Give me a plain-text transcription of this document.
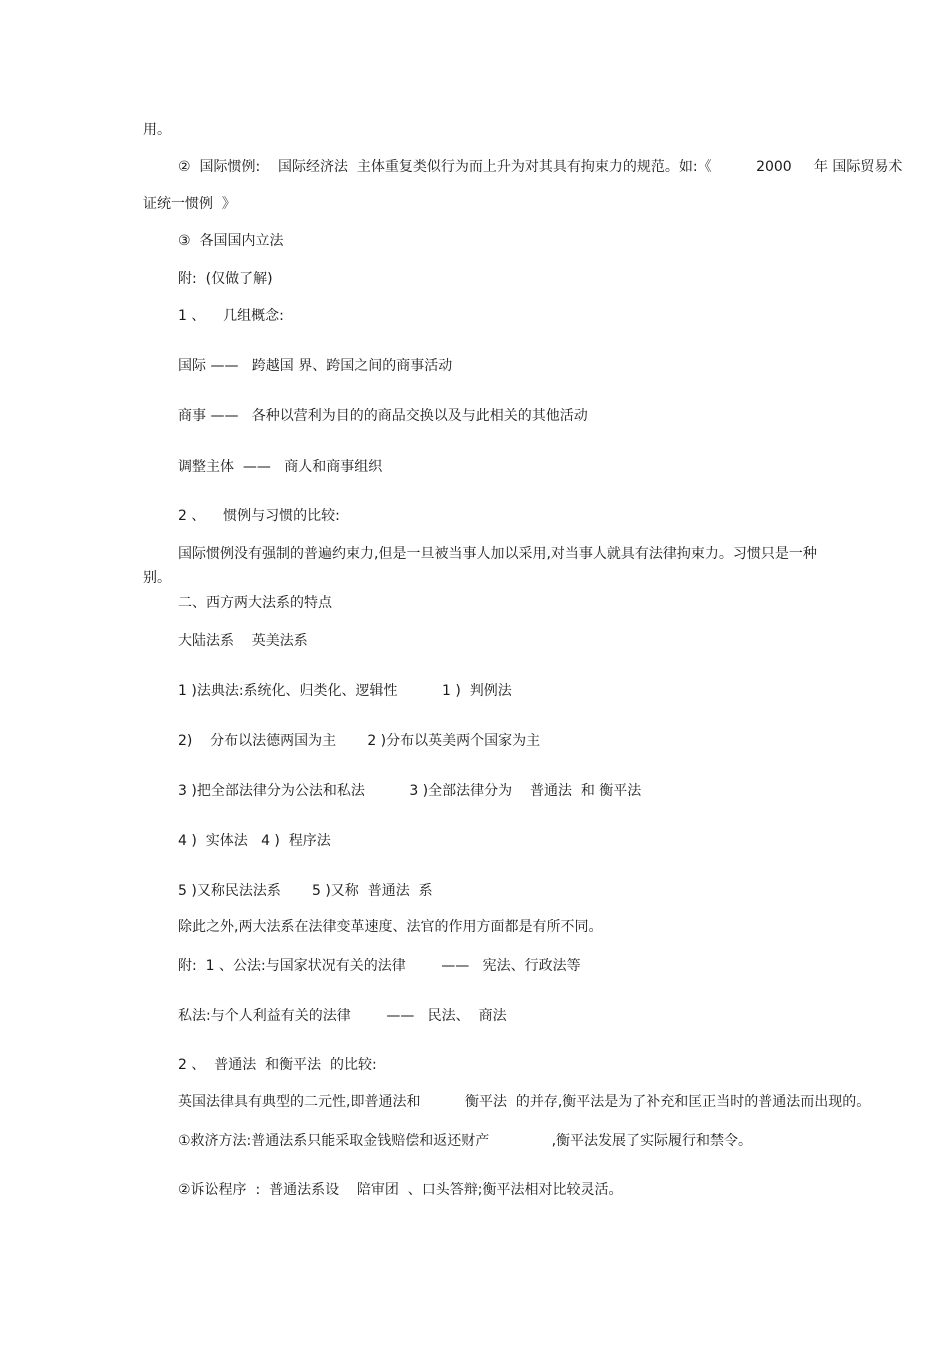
用。

②  国际惯例:    国际经济法  主体重复类似行为而上升为对其具有拘束力的规范。如:《          2000     年 国际贸易术

证统一惯例  》

③  各国国内立法

附:  (仅做了解)

1 、    几组概念:

国际 ——   跨越国 界、跨国之间的商事活动

商事 ——   各种以营利为目的的商品交换以及与此相关的其他活动

调整主体  ——   商人和商事组织

2 、    惯例与习惯的比较:

国际惯例没有强制的普遍约束力,但是一旦被当事人加以采用,对当事人就具有法律拘束力。习惯只是一种

别。

二、西方两大法系的特点

大陆法系    英美法系

1 )法典法:系统化、归类化、逻辑性          1 )  判例法

2)    分布以法德两国为主       2 )分布以英美两个国家为主

3 )把全部法律分为公法和私法          3 )全部法律分为    普通法  和 衡平法

4 )  实体法   4 )  程序法

5 )又称民法法系       5 )又称  普通法  系

除此之外,两大法系在法律变革速度、法官的作用方面都是有所不同。

附:  1 、公法:与国家状况有关的法律        ——   宪法、行政法等

私法:与个人利益有关的法律        ——   民法、  商法

2 、  普通法  和衡平法  的比较:

英国法律具有典型的二元性,即普通法和          衡平法  的并存,衡平法是为了补充和匡正当时的普通法而出现的。

①救济方法:普通法系只能采取金钱赔偿和返还财产              ,衡平法发展了实际履行和禁令。

②诉讼程序  :  普通法系设    陪审团  、口头答辩;衡平法相对比较灵活。
